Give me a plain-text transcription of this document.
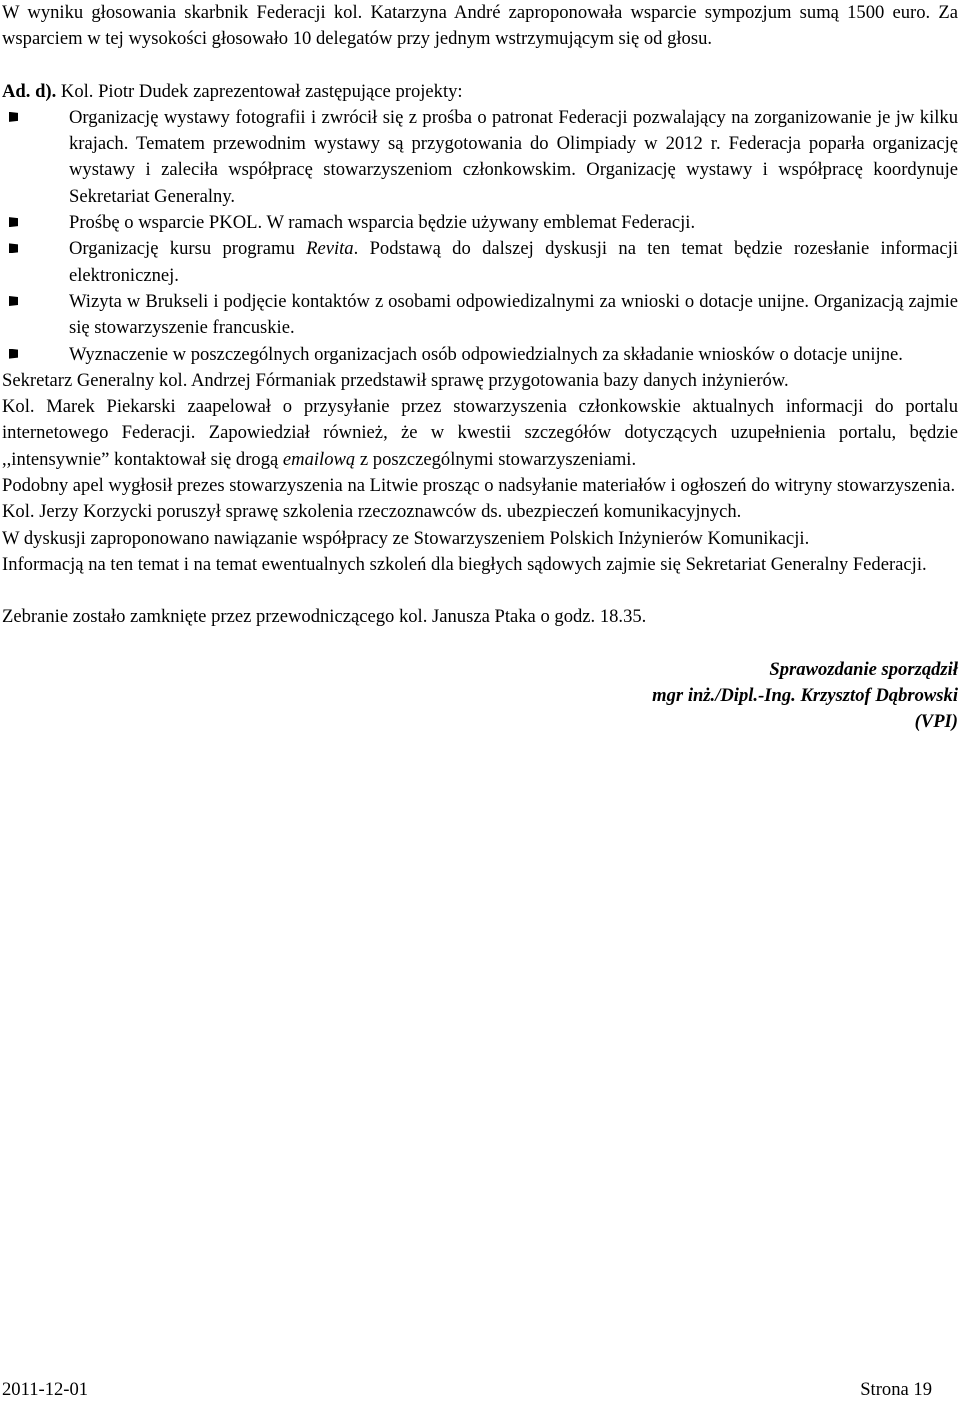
W wyniku głosowania skarbnik Federacji kol. Katarzyna André zaproponowała wsparcie sympozjum sumą 1500 euro. Za wsparciem w tej wysokości głosowało 10 delegatów przy jednym wstrzymującym się od głosu.

Ad. d). Kol. Piotr Dudek zaprezentował zastępujące projekty:

Organizację wystawy fotografii i zwrócił się z prośba o patronat Federacji pozwalający na zorganizowanie je jw kilku krajach. Tematem przewodnim wystawy są przygotowania do Olimpiady w 2012 r. Federacja poparła organizację wystawy i zaleciła współpracę stowarzyszeniom członkowskim. Organizację wystawy i współpracę koordynuje Sekretariat Generalny.
Prośbę o wsparcie PKOL. W ramach wsparcia będzie używany emblemat Federacji.
Organizację kursu programu Revita. Podstawą do dalszej dyskusji na ten temat będzie rozesłanie informacji elektronicznej.
Wizyta w Brukseli i podjęcie kontaktów z osobami odpowiedizalnymi za wnioski o dotacje unijne. Organizacją zajmie się stowarzyszenie francuskie.
Wyznaczenie w poszczególnych organizacjach osób odpowiedzialnych za składanie wniosków o dotacje unijne.

Sekretarz Generalny kol. Andrzej Fórmaniak przedstawił sprawę przygotowania bazy danych inżynierów.

Kol. Marek Piekarski zaapelował o przysyłanie przez stowarzyszenia członkowskie aktualnych informacji do portalu internetowego Federacji. Zapowiedział również, że w kwestii szczegółów dotyczących uzupełnienia portalu, będzie ,,intensywnie” kontaktował się drogą emailową z poszczególnymi stowarzyszeniami.

Podobny apel wygłosił prezes stowarzyszenia na Litwie prosząc o nadsyłanie materiałów i ogłoszeń do witryny stowarzyszenia.

Kol. Jerzy Korzycki poruszył sprawę szkolenia rzeczoznawców ds. ubezpieczeń komunikacyjnych.

W dyskusji zaproponowano nawiązanie współpracy ze Stowarzyszeniem Polskich Inżynierów Komunikacji.

Informacją na ten temat i na temat ewentualnych szkoleń dla biegłych sądowych zajmie się Sekretariat Generalny Federacji.

Zebranie zostało zamknięte przez przewodniczącego kol. Janusza Ptaka o godz. 18.35.

Sprawozdanie sporządził
mgr inż./Dipl.-Ing. Krzysztof Dąbrowski
(VPI)
2011-12-01	Strona 19
